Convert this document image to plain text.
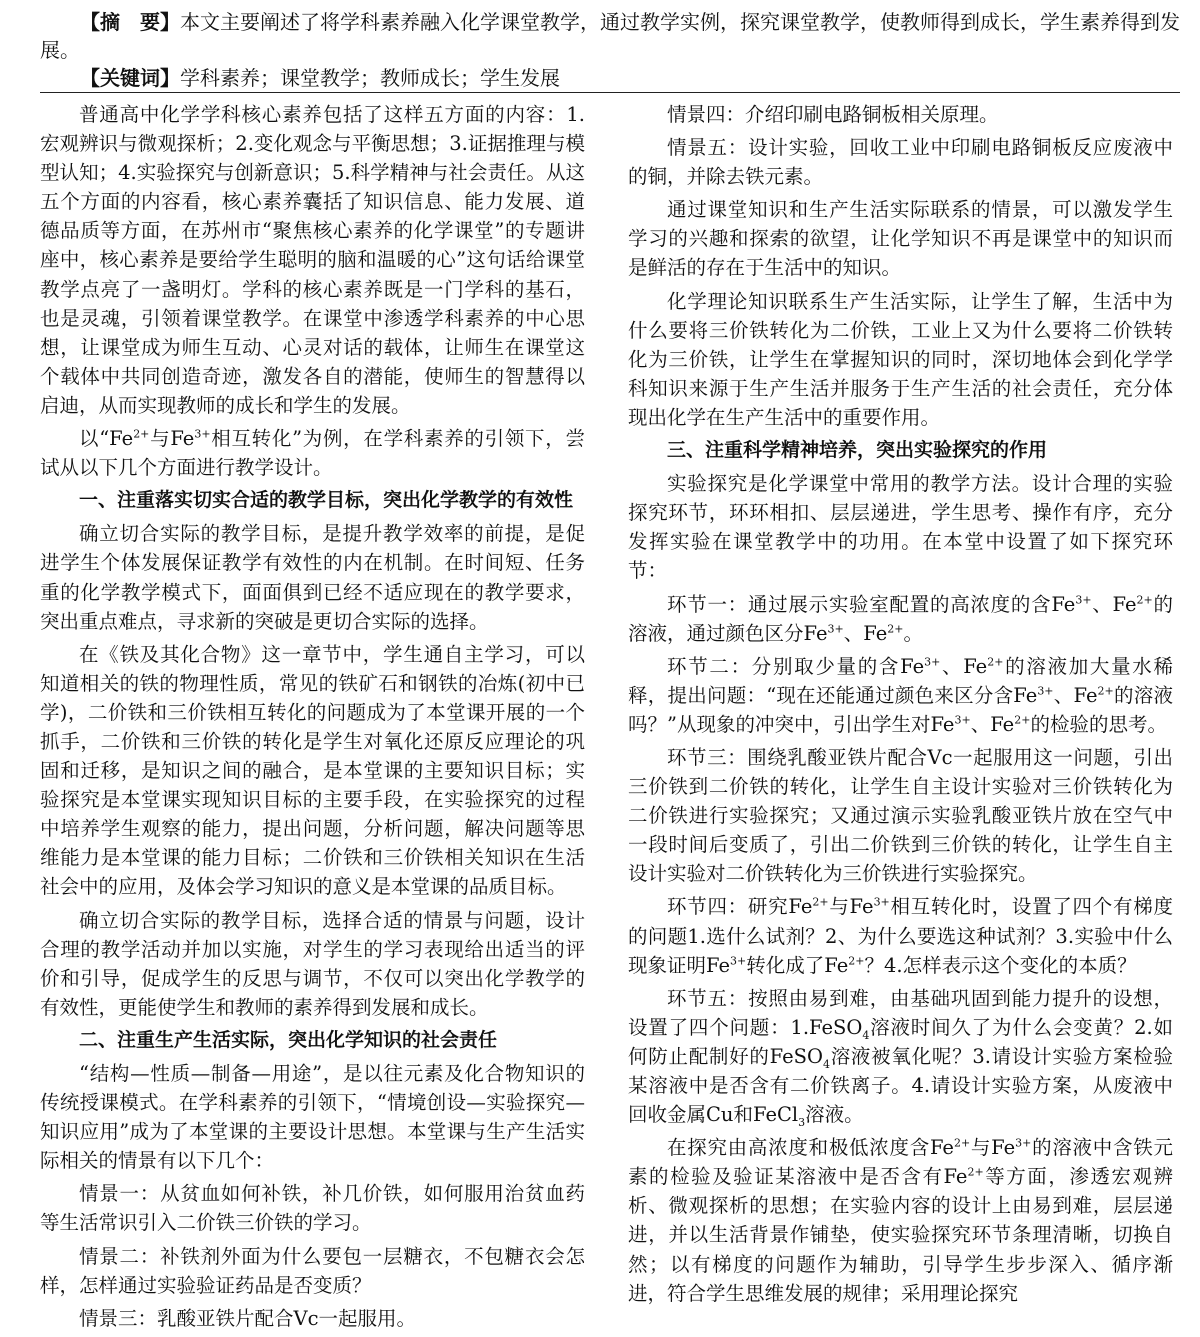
【摘　要】本文主要阐述了将学科素养融入化学课堂教学，通过教学实例，探究课堂教学，使教师得到成长，学生素养得到发展。

【关键词】学科素养；课堂教学；教师成长；学生发展

普通高中化学学科核心素养包括了这样五方面的内容：1.宏观辨识与微观探析；2.变化观念与平衡思想；3.证据推理与模型认知；4.实验探究与创新意识；5.科学精神与社会责任。从这五个方面的内容看，核心素养囊括了知识信息、能力发展、道德品质等方面，在苏州市“聚焦核心素养的化学课堂”的专题讲座中，核心素养是要给学生聪明的脑和温暖的心”这句话给课堂教学点亮了一盏明灯。学科的核心素养既是一门学科的基石，也是灵魂，引领着课堂教学。在课堂中渗透学科素养的中心思想，让课堂成为师生互动、心灵对话的载体，让师生在课堂这个载体中共同创造奇迹，激发各自的潜能，使师生的智慧得以启迪，从而实现教师的成长和学生的发展。

以“$Fe^{2+}$与$Fe^{3+}$相互转化”为例，在学科素养的引领下，尝试从以下几个方面进行教学设计。

一、注重落实切实合适的教学目标，突出化学教学的有效性

确立切合实际的教学目标，是提升教学效率的前提，是促进学生个体发展保证教学有效性的内在机制。在时间短、任务重的化学教学模式下，面面俱到已经不适应现在的教学要求，突出重点难点，寻求新的突破是更切合实际的选择。

在《铁及其化合物》这一章节中，学生通自主学习，可以知道相关的铁的物理性质，常见的铁矿石和钢铁的冶炼(初中已学)，二价铁和三价铁相互转化的问题成为了本堂课开展的一个抓手，二价铁和三价铁的转化是学生对氧化还原反应理论的巩固和迁移，是知识之间的融合，是本堂课的主要知识目标；实验探究是本堂课实现知识目标的主要手段，在实验探究的过程中培养学生观察的能力，提出问题，分析问题，解决问题等思维能力是本堂课的能力目标；二价铁和三价铁相关知识在生活社会中的应用，及体会学习知识的意义是本堂课的品质目标。

确立切合实际的教学目标，选择合适的情景与问题，设计合理的教学活动并加以实施，对学生的学习表现给出适当的评价和引导，促成学生的反思与调节，不仅可以突出化学教学的有效性，更能使学生和教师的素养得到发展和成长。

二、注重生产生活实际，突出化学知识的社会责任

“结构—性质—制备—用途”，是以往元素及化合物知识的传统授课模式。在学科素养的引领下，“情境创设—实验探究—知识应用”成为了本堂课的主要设计思想。本堂课与生产生活实际相关的情景有以下几个：

情景一：从贫血如何补铁，补几价铁，如何服用治贫血药等生活常识引入二价铁三价铁的学习。

情景二：补铁剂外面为什么要包一层糖衣，不包糖衣会怎样，怎样通过实验验证药品是否变质？

情景三：乳酸亚铁片配合Vc一起服用。

情景四：介绍印刷电路铜板相关原理。

情景五：设计实验，回收工业中印刷电路铜板反应废液中的铜，并除去铁元素。

通过课堂知识和生产生活实际联系的情景，可以激发学生学习的兴趣和探索的欲望，让化学知识不再是课堂中的知识而是鲜活的存在于生活中的知识。

化学理论知识联系生产生活实际，让学生了解，生活中为什么要将三价铁转化为二价铁，工业上又为什么要将二价铁转化为三价铁，让学生在掌握知识的同时，深切地体会到化学学科知识来源于生产生活并服务于生产生活的社会责任，充分体现出化学在生产生活中的重要作用。

三、注重科学精神培养，突出实验探究的作用

实验探究是化学课堂中常用的教学方法。设计合理的实验探究环节，环环相扣、层层递进，学生思考、操作有序，充分发挥实验在课堂教学中的功用。在本堂中设置了如下探究环节：

环节一：通过展示实验室配置的高浓度的含$Fe^{3+}$、$Fe^{2+}$的溶液，通过颜色区分$Fe^{3+}$、$Fe^{2+}$。

环节二：分别取少量的含$Fe^{3+}$、$Fe^{2+}$的溶液加大量水稀释，提出问题：“现在还能通过颜色来区分含$Fe^{3+}$、$Fe^{2+}$的溶液吗？”从现象的冲突中，引出学生对$Fe^{3+}$、$Fe^{2+}$的检验的思考。

环节三：围绕乳酸亚铁片配合Vc一起服用这一问题，引出三价铁到二价铁的转化，让学生自主设计实验对三价铁转化为二价铁进行实验探究；又通过演示实验乳酸亚铁片放在空气中一段时间后变质了，引出二价铁到三价铁的转化，让学生自主设计实验对二价铁转化为三价铁进行实验探究。

环节四：研究$Fe^{2+}$与$Fe^{3+}$相互转化时，设置了四个有梯度的问题1.选什么试剂？2、为什么要选这种试剂？3.实验中什么现象证明$Fe^{3+}$转化成了$Fe^{2+}$？4.怎样表示这个变化的本质？

环节五：按照由易到难，由基础巩固到能力提升的设想，设置了四个问题：1.FeSO$_4$溶液时间久了为什么会变黄？2.如何防止配制好的FeSO$_4$溶液被氧化呢？3.请设计实验方案检验某溶液中是否含有二价铁离子。4.请设计实验方案，从废液中回收金属Cu和FeCl$_3$溶液。

在探究由高浓度和极低浓度含$Fe^{2+}$与$Fe^{3+}$的溶液中含铁元素的检验及验证某溶液中是否含有$Fe^{2+}$等方面，渗透宏观辨析、微观探析的思想；在实验内容的设计上由易到难，层层递进，并以生活背景作铺垫，使实验探究环节条理清晰，切换自然；以有梯度的问题作为辅助，引导学生步步深入、循序渐进，符合学生思维发展的规律；采用理论探究
